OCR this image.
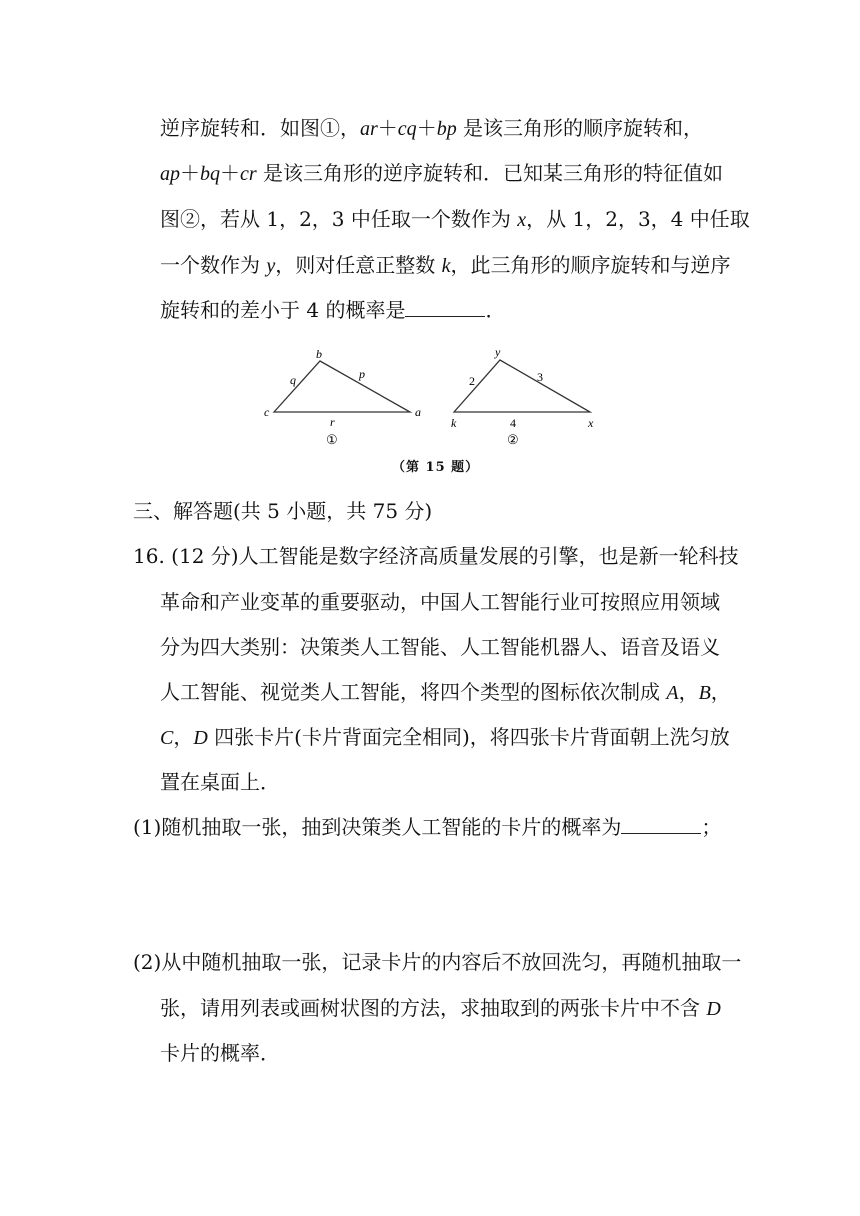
逆序旋转和．如图①，ar＋cq＋bp 是该三角形的顺序旋转和，
ap＋bq＋cr 是该三角形的逆序旋转和．已知某三角形的特征值如
图②，若从 1，2，3 中任取一个数作为 x，从 1，2，3，4 中任取
一个数作为 y，则对任意正整数 k，此三角形的顺序旋转和与逆序
旋转和的差小于 4 的概率是	．
b
c	a
q	p
r
①
y
k	x
2	3
4
②
（第 15 题）
三、解答题(共 5 小题，共 75 分)
16. (12 分)人工智能是数字经济高质量发展的引擎，也是新一轮科技
革命和产业变革的重要驱动，中国人工智能行业可按照应用领域
分为四大类别：决策类人工智能、人工智能机器人、语音及语义
人工智能、视觉类人工智能，将四个类型的图标依次制成 A，B，
C，D 四张卡片(卡片背面完全相同)，将四张卡片背面朝上洗匀放
置在桌面上．
(1)随机抽取一张，抽到决策类人工智能的卡片的概率为	；
(2)从中随机抽取一张，记录卡片的内容后不放回洗匀，再随机抽取一
张，请用列表或画树状图的方法，求抽取到的两张卡片中不含 D
卡片的概率．
